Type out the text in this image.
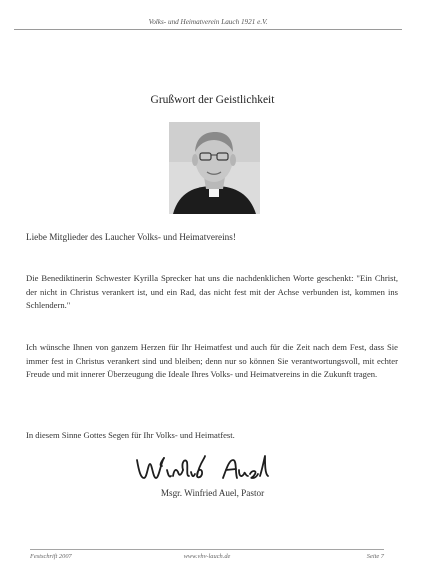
Volks- und Heimatverein Lauch 1921 e.V.
Grußwort der Geistlichkeit
Liebe Mitglieder des Laucher Volks- und Heimatvereins!
Die Benediktinerin Schwester Kyrilla Sprecker hat uns die nachdenklichen Worte geschenkt: "Ein Christ, der nicht in Christus verankert ist, und ein Rad, das nicht fest mit der Achse verbunden ist, kommen ins Schlendern."
Ich wünsche Ihnen von ganzem Herzen für Ihr Heimatfest und auch für die Zeit nach dem Fest, dass Sie immer fest in Christus verankert sind und bleiben; denn nur so können Sie verantwortungsvoll, mit echter Freude und mit innerer Überzeugung die Ideale Ihres Volks- und Heimatvereins in die Zukunft tragen.
In diesem Sinne Gottes Segen für Ihr Volks- und Heimatfest.
Msgr. Winfried Auel, Pastor
Festschrift 2007	www.vhv-lauch.de	Seite 7
